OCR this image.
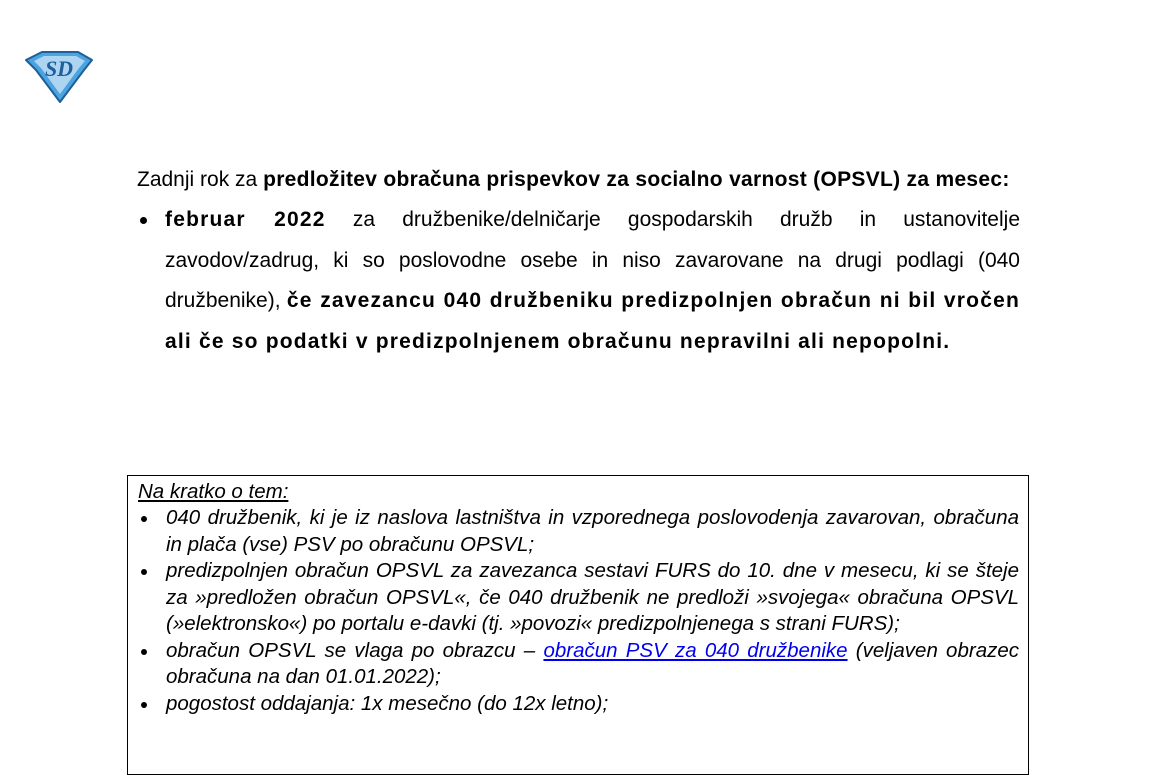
SD

Zadnji rok za predložitev obračuna prispevkov za socialno varnost (OPSVL) za mesec:

februar 2022 za družbenike/delničarje gospodarskih družb in ustanovitelje zavodov/zadrug, ki so poslovodne osebe in niso zavarovane na drugi podlagi (040 družbenike), če zavezancu 040 družbeniku predizpolnjen obračun ni bil vročen ali če so podatki v predizpolnjenem obračunu nepravilni ali nepopolni.

Na kratko o tem:

040 družbenik, ki je iz naslova lastništva in vzporednega poslovodenja zavarovan, obračuna in plača (vse) PSV po obračunu OPSVL;
predizpolnjen obračun OPSVL za zavezanca sestavi FURS do 10. dne v mesecu, ki se šteje za »predložen obračun OPSVL«, če 040 družbenik ne predloži »svojega« obračuna OPSVL (»elektronsko«) po portalu e-davki (tj. »povozi« predizpolnjenega s strani FURS);
obračun OPSVL se vlaga po obrazcu – obračun PSV za 040 družbenike (veljaven obrazec obračuna na dan 01.01.2022);
pogostost oddajanja: 1x mesečno (do 12x letno);
